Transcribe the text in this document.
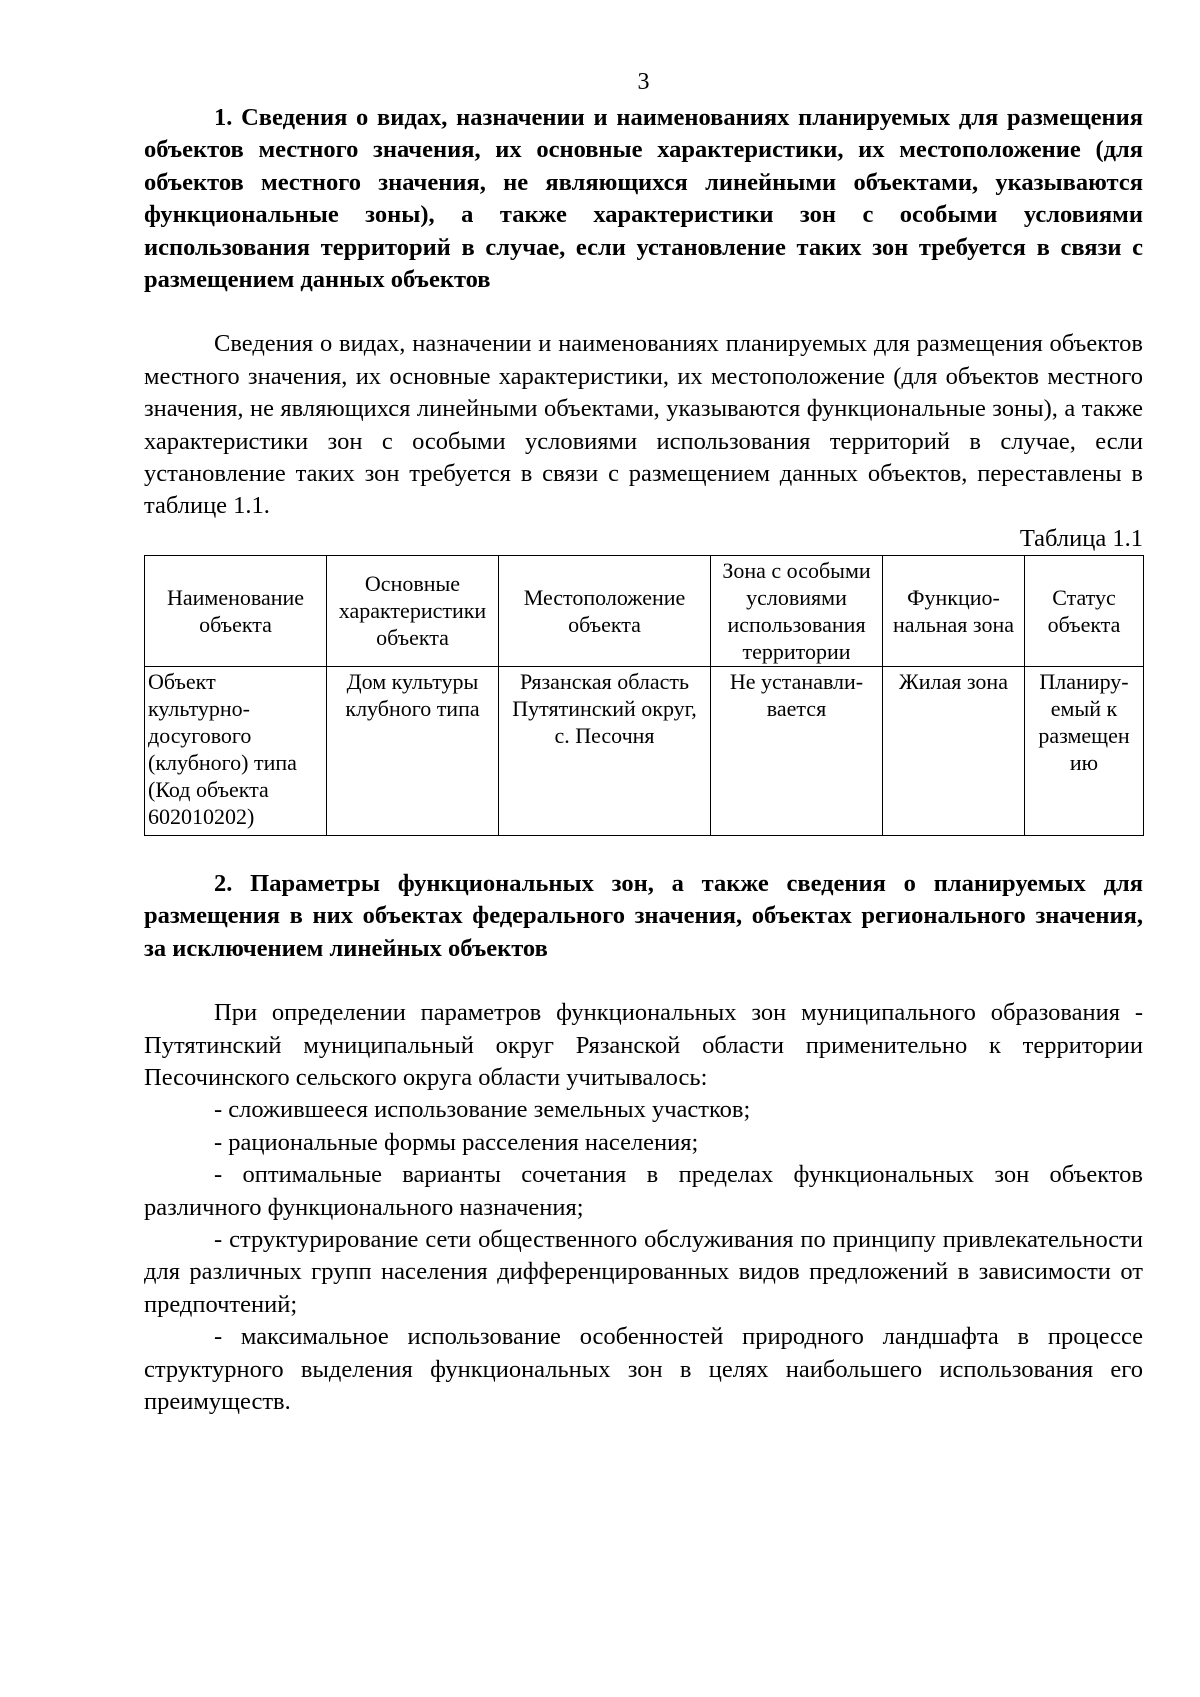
3

1. Сведения о видах, назначении и наименованиях планируемых для размещения объектов местного значения, их основные характеристики, их местоположение (для объектов местного значения, не являющихся линейными объектами, указываются функциональные зоны), а также характеристики зон с особыми условиями использования территорий в случае, если установление таких зон требуется в связи с размещением данных объектов

Сведения о видах, назначении и наименованиях планируемых для размещения объектов местного значения, их основные характеристики, их местоположение (для объектов местного значения, не являющихся линейными объектами, указываются функциональные зоны), а также характеристики зон с особыми условиями использования территорий в случае, если установление таких зон требуется в связи с размещением данных объектов, переставлены в таблице 1.1.

Таблица 1.1

Наименование объекта	Основные характеристики объекта	Местоположение объекта	Зона с особыми условиями использования территории	Функцио-нальная зона	Статус объекта
Объект культурно-досугового (клубного) типа (Код объекта 602010202)	Дом культуры клубного типа	Рязанская область Путятинский округ, с. Песочня	Не устанавли-вается	Жилая зона	Планиру-емый к размещен ию

2. Параметры функциональных зон, а также сведения о планируемых для размещения в них объектах федерального значения, объектах регионального значения, за исключением линейных объектов

При определении параметров функциональных зон муниципального образования - Путятинский муниципальный округ Рязанской области применительно к территории Песочинского сельского округа области учитывалось:

- сложившееся использование земельных участков;

- рациональные формы расселения населения;

- оптимальные варианты сочетания в пределах функциональных зон объектов различного функционального назначения;

- структурирование сети общественного обслуживания по принципу привлекательности для различных групп населения дифференцированных видов предложений в зависимости от предпочтений;

- максимальное использование особенностей природного ландшафта в процессе структурного выделения функциональных зон в целях наибольшего использования его преимуществ.
